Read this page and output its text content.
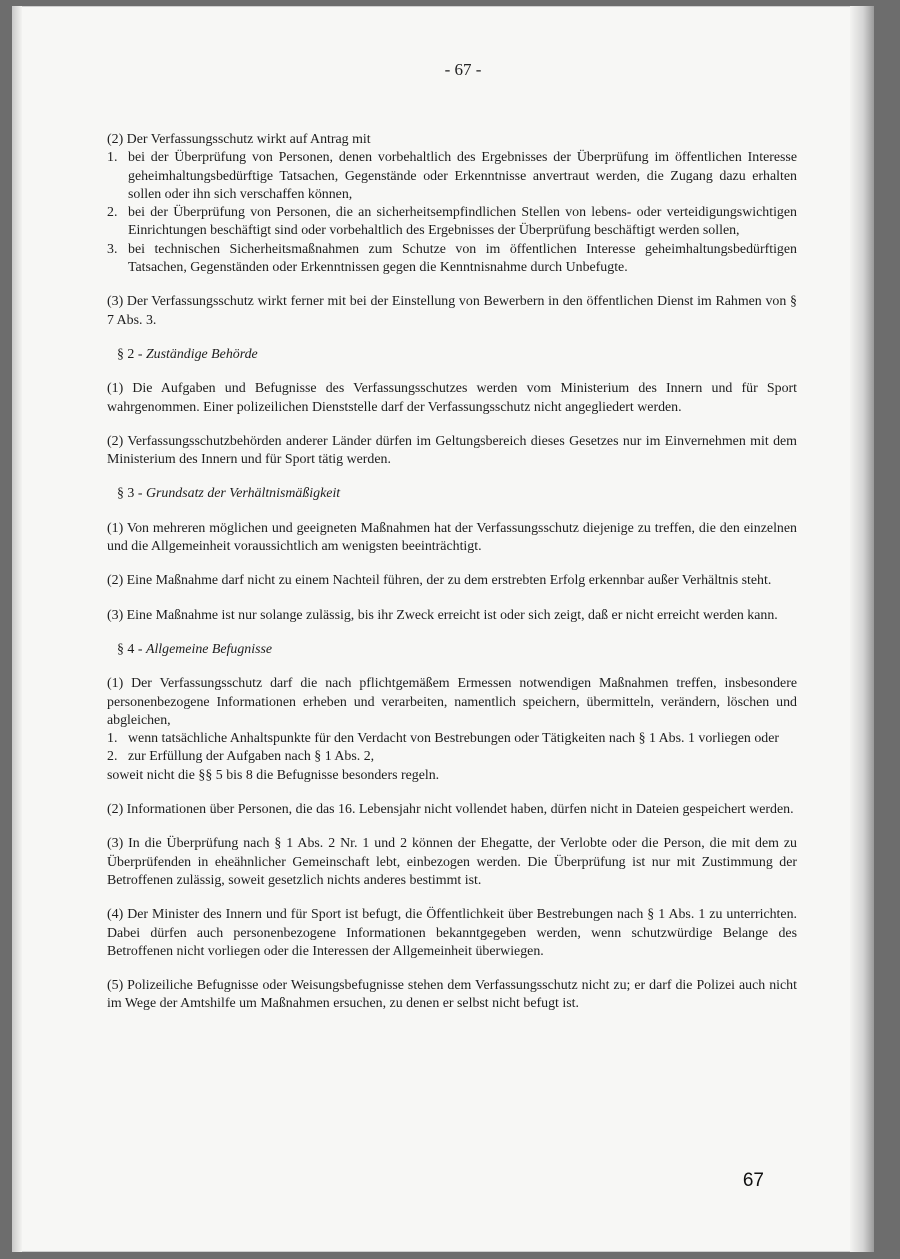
- 67 -

(2) Der Verfassungsschutz wirkt auf Antrag mit

1. bei der Überprüfung von Personen, denen vorbehaltlich des Ergebnisses der Überprüfung im öffentlichen Interesse geheimhaltungsbedürftige Tatsachen, Gegenstände oder Erkenntnisse anvertraut werden, die Zugang dazu erhalten sollen oder ihn sich verschaffen können,
2. bei der Überprüfung von Personen, die an sicherheitsempfindlichen Stellen von lebens- oder verteidigungswichtigen Einrichtungen beschäftigt sind oder vorbehaltlich des Ergebnisses der Überprüfung beschäftigt werden sollen,
3. bei technischen Sicherheitsmaßnahmen zum Schutze von im öffentlichen Interesse geheimhaltungsbedürftigen Tatsachen, Gegenständen oder Erkenntnissen gegen die Kenntnisnahme durch Unbefugte.

(3) Der Verfassungsschutz wirkt ferner mit bei der Einstellung von Bewerbern in den öffentlichen Dienst im Rahmen von § 7 Abs. 3.

§ 2 - Zuständige Behörde

(1) Die Aufgaben und Befugnisse des Verfassungsschutzes werden vom Ministerium des Innern und für Sport wahrgenommen. Einer polizeilichen Dienststelle darf der Verfassungsschutz nicht angegliedert werden.

(2) Verfassungsschutzbehörden anderer Länder dürfen im Geltungsbereich dieses Gesetzes nur im Einvernehmen mit dem Ministerium des Innern und für Sport tätig werden.

§ 3 - Grundsatz der Verhältnismäßigkeit

(1) Von mehreren möglichen und geeigneten Maßnahmen hat der Verfassungsschutz diejenige zu treffen, die den einzelnen und die Allgemeinheit voraussichtlich am wenigsten beeinträchtigt.

(2) Eine Maßnahme darf nicht zu einem Nachteil führen, der zu dem erstrebten Erfolg erkennbar außer Verhältnis steht.

(3) Eine Maßnahme ist nur solange zulässig, bis ihr Zweck erreicht ist oder sich zeigt, daß er nicht erreicht werden kann.

§ 4 - Allgemeine Befugnisse

(1) Der Verfassungsschutz darf die nach pflichtgemäßem Ermessen notwendigen Maßnahmen treffen, insbesondere personenbezogene Informationen erheben und verarbeiten, namentlich speichern, übermitteln, verändern, löschen und abgleichen,

1. wenn tatsächliche Anhaltspunkte für den Verdacht von Bestrebungen oder Tätigkeiten nach § 1 Abs. 1 vorliegen oder
2. zur Erfüllung der Aufgaben nach § 1 Abs. 2,

soweit nicht die §§ 5 bis 8 die Befugnisse besonders regeln.

(2) Informationen über Personen, die das 16. Lebensjahr nicht vollendet haben, dürfen nicht in Dateien gespeichert werden.

(3) In die Überprüfung nach § 1 Abs. 2 Nr. 1 und 2 können der Ehegatte, der Verlobte oder die Person, die mit dem zu Überprüfenden in eheähnlicher Gemeinschaft lebt, einbezogen werden. Die Überprüfung ist nur mit Zustimmung der Betroffenen zulässig, soweit gesetzlich nichts anderes bestimmt ist.

(4) Der Minister des Innern und für Sport ist befugt, die Öffentlichkeit über Bestrebungen nach § 1 Abs. 1 zu unterrichten. Dabei dürfen auch personenbezogene Informationen bekanntgegeben werden, wenn schutzwürdige Belange des Betroffenen nicht vorliegen oder die Interessen der Allgemeinheit überwiegen.

(5) Polizeiliche Befugnisse oder Weisungsbefugnisse stehen dem Verfassungsschutz nicht zu; er darf die Polizei auch nicht im Wege der Amtshilfe um Maßnahmen ersuchen, zu denen er selbst nicht befugt ist.

67
